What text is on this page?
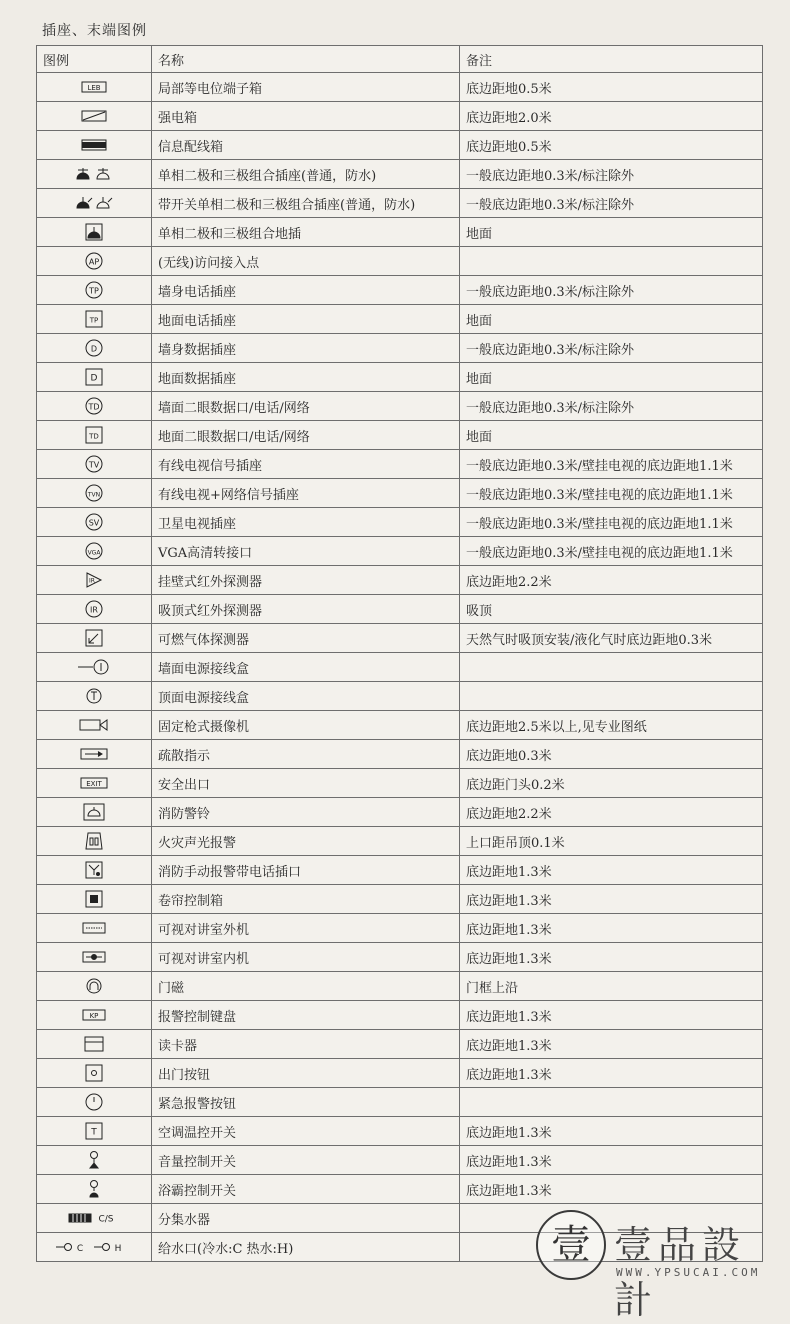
插座、末端图例
图例	名称	备注

LEB	局部等电位端子箱	底边距地0.5米

	强电箱	底边距地2.0米

	信息配线箱	底边距地0.5米

	单相二极和三极组合插座(普通，防水)	一般底边距地0.3米/标注除外

	带开关单相二极和三极组合插座(普通，防水)	一般底边距地0.3米/标注除外

	单相二极和三极组合地插	地面

AP	(无线)访问接入点	

TP	墙身电话插座	一般底边距地0.3米/标注除外

TP	地面电话插座	地面

D	墙身数据插座	一般底边距地0.3米/标注除外

D	地面数据插座	地面

TD	墙面二眼数据口/电话/网络	一般底边距地0.3米/标注除外

TD	地面二眼数据口/电话/网络	地面

TV	有线电视信号插座	一般底边距地0.3米/壁挂电视的底边距地1.1米

TVN	有线电视+网络信号插座	一般底边距地0.3米/壁挂电视的底边距地1.1米

SV	卫星电视插座	一般底边距地0.3米/壁挂电视的底边距地1.1米

VGA	VGA高清转接口	一般底边距地0.3米/壁挂电视的底边距地1.1米

IR	挂壁式红外探测器	底边距地2.2米

IR	吸顶式红外探测器	吸顶

	可燃气体探测器	天然气时吸顶安装/液化气时底边距地0.3米

	墙面电源接线盒	

	顶面电源接线盒	

	固定枪式摄像机	底边距地2.5米以上,见专业图纸

	疏散指示	底边距地0.3米

EXIT	安全出口	底边距门头0.2米

	消防警铃	底边距地2.2米

	火灾声光报警	上口距吊顶0.1米

	消防手动报警带电话插口	底边距地1.3米

	卷帘控制箱	底边距地1.3米

	可视对讲室外机	底边距地1.3米

	可视对讲室内机	底边距地1.3米

	门磁	门框上沿

KP	报警控制键盘	底边距地1.3米

	读卡器	底边距地1.3米

	出门按钮	底边距地1.3米

	紧急报警按钮	

T	空调温控开关	底边距地1.3米

	音量控制开关	底边距地1.3米

	浴霸控制开关	底边距地1.3米

C/S	分集水器	

C H	给水口(冷水:C 热水:H)		壹 壹品設計
WWW.YPSUCAI.COM
